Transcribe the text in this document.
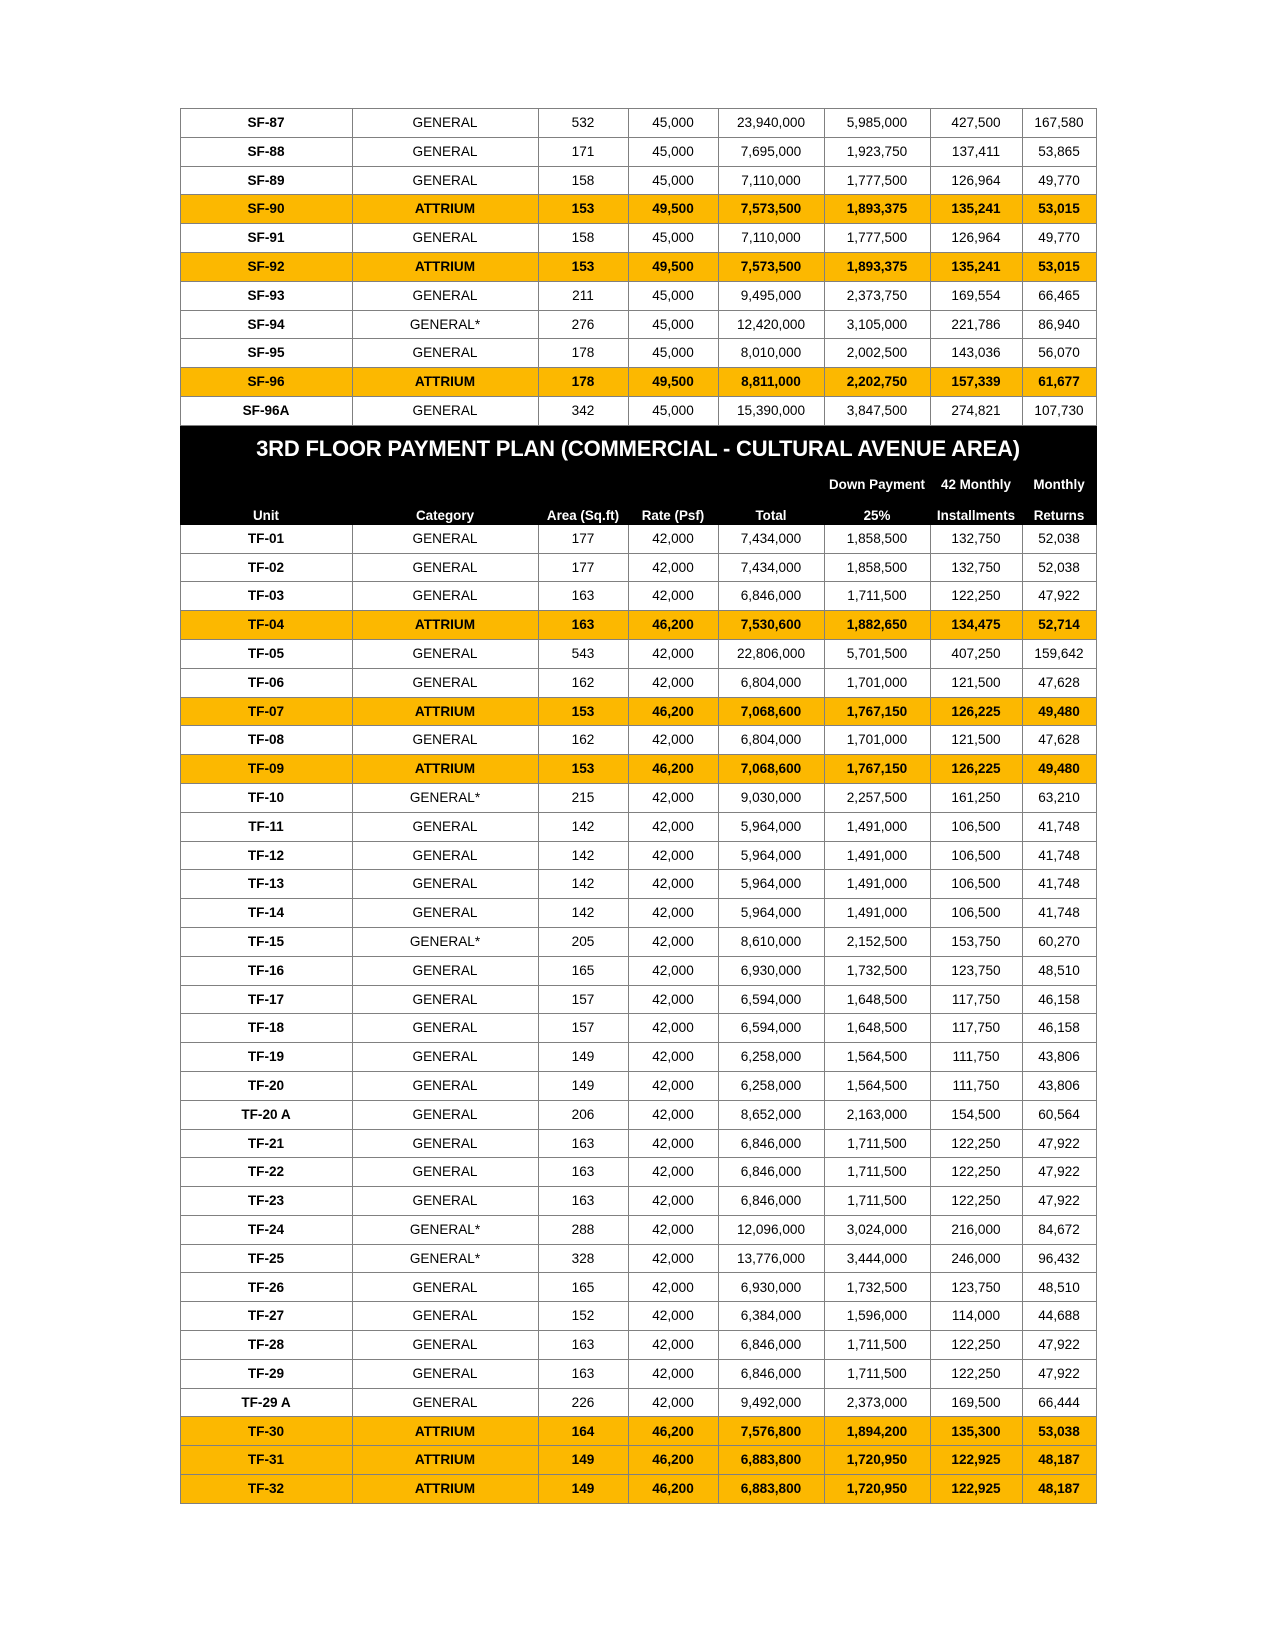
SF-87	GENERAL	532	45,000	23,940,000	5,985,000	427,500	167,580
SF-88	GENERAL	171	45,000	7,695,000	1,923,750	137,411	53,865
SF-89	GENERAL	158	45,000	7,110,000	1,777,500	126,964	49,770
SF-90	ATTRIUM	153	49,500	7,573,500	1,893,375	135,241	53,015
SF-91	GENERAL	158	45,000	7,110,000	1,777,500	126,964	49,770
SF-92	ATTRIUM	153	49,500	7,573,500	1,893,375	135,241	53,015
SF-93	GENERAL	211	45,000	9,495,000	2,373,750	169,554	66,465
SF-94	GENERAL*	276	45,000	12,420,000	3,105,000	221,786	86,940
SF-95	GENERAL	178	45,000	8,010,000	2,002,500	143,036	56,070
SF-96	ATTRIUM	178	49,500	8,811,000	2,202,750	157,339	61,677
SF-96A	GENERAL	342	45,000	15,390,000	3,847,500	274,821	107,730
3RD FLOOR PAYMENT PLAN (COMMERCIAL - CULTURAL AVENUE AREA)							
					Down Payment	42 Monthly	Monthly
Unit	Category	Area (Sq.ft)	Rate (Psf)	Total	25%	Installments	Returns
TF-01	GENERAL	177	42,000	7,434,000	1,858,500	132,750	52,038
TF-02	GENERAL	177	42,000	7,434,000	1,858,500	132,750	52,038
TF-03	GENERAL	163	42,000	6,846,000	1,711,500	122,250	47,922
TF-04	ATTRIUM	163	46,200	7,530,600	1,882,650	134,475	52,714
TF-05	GENERAL	543	42,000	22,806,000	5,701,500	407,250	159,642
TF-06	GENERAL	162	42,000	6,804,000	1,701,000	121,500	47,628
TF-07	ATTRIUM	153	46,200	7,068,600	1,767,150	126,225	49,480
TF-08	GENERAL	162	42,000	6,804,000	1,701,000	121,500	47,628
TF-09	ATTRIUM	153	46,200	7,068,600	1,767,150	126,225	49,480
TF-10	GENERAL*	215	42,000	9,030,000	2,257,500	161,250	63,210
TF-11	GENERAL	142	42,000	5,964,000	1,491,000	106,500	41,748
TF-12	GENERAL	142	42,000	5,964,000	1,491,000	106,500	41,748
TF-13	GENERAL	142	42,000	5,964,000	1,491,000	106,500	41,748
TF-14	GENERAL	142	42,000	5,964,000	1,491,000	106,500	41,748
TF-15	GENERAL*	205	42,000	8,610,000	2,152,500	153,750	60,270
TF-16	GENERAL	165	42,000	6,930,000	1,732,500	123,750	48,510
TF-17	GENERAL	157	42,000	6,594,000	1,648,500	117,750	46,158
TF-18	GENERAL	157	42,000	6,594,000	1,648,500	117,750	46,158
TF-19	GENERAL	149	42,000	6,258,000	1,564,500	111,750	43,806
TF-20	GENERAL	149	42,000	6,258,000	1,564,500	111,750	43,806
TF-20 A	GENERAL	206	42,000	8,652,000	2,163,000	154,500	60,564
TF-21	GENERAL	163	42,000	6,846,000	1,711,500	122,250	47,922
TF-22	GENERAL	163	42,000	6,846,000	1,711,500	122,250	47,922
TF-23	GENERAL	163	42,000	6,846,000	1,711,500	122,250	47,922
TF-24	GENERAL*	288	42,000	12,096,000	3,024,000	216,000	84,672
TF-25	GENERAL*	328	42,000	13,776,000	3,444,000	246,000	96,432
TF-26	GENERAL	165	42,000	6,930,000	1,732,500	123,750	48,510
TF-27	GENERAL	152	42,000	6,384,000	1,596,000	114,000	44,688
TF-28	GENERAL	163	42,000	6,846,000	1,711,500	122,250	47,922
TF-29	GENERAL	163	42,000	6,846,000	1,711,500	122,250	47,922
TF-29 A	GENERAL	226	42,000	9,492,000	2,373,000	169,500	66,444
TF-30	ATTRIUM	164	46,200	7,576,800	1,894,200	135,300	53,038
TF-31	ATTRIUM	149	46,200	6,883,800	1,720,950	122,925	48,187
TF-32	ATTRIUM	149	46,200	6,883,800	1,720,950	122,925	48,187
